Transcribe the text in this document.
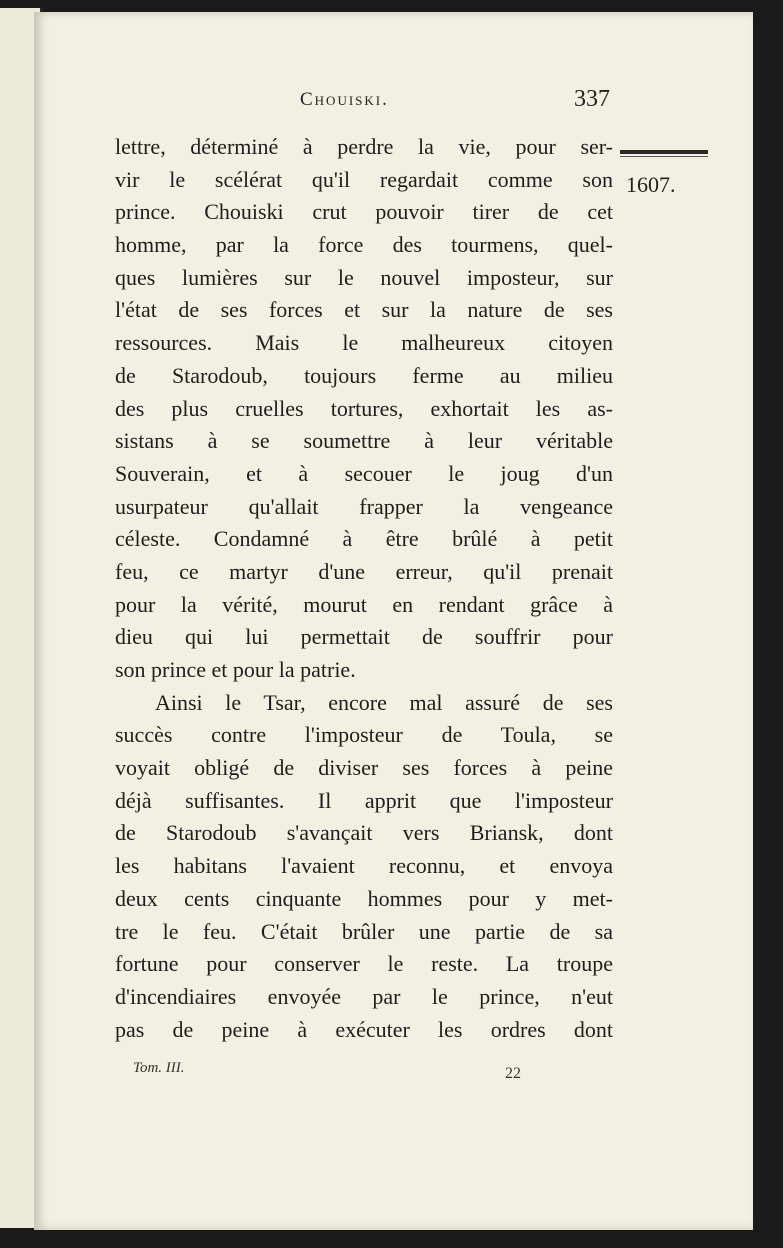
Chouiski.	337
1607.
lettre, déterminé à perdre la vie, pour ser-
vir le scélérat qu'il regardait comme son
prince. Chouiski crut pouvoir tirer de cet
homme, par la force des tourmens, quel-
ques lumières sur le nouvel imposteur, sur
l'état de ses forces et sur la nature de ses
ressources. Mais le malheureux citoyen
de Starodoub, toujours ferme au milieu
des plus cruelles tortures, exhortait les as-
sistans à se soumettre à leur véritable
Souverain, et à secouer le joug d'un
usurpateur qu'allait frapper la vengeance
céleste. Condamné à être brûlé à petit
feu, ce martyr d'une erreur, qu'il prenait
pour la vérité, mourut en rendant grâce à
dieu qui lui permettait de souffrir pour
son prince et pour la patrie.
Ainsi le Tsar, encore mal assuré de ses
succès contre l'imposteur de Toula, se
voyait obligé de diviser ses forces à peine
déjà suffisantes. Il apprit que l'imposteur
de Starodoub s'avançait vers Briansk, dont
les habitans l'avaient reconnu, et envoya
deux cents cinquante hommes pour y met-
tre le feu. C'était brûler une partie de sa
fortune pour conserver le reste. La troupe
d'incendiaires envoyée par le prince, n'eut
pas de peine à exécuter les ordres dont
Tom. III.	22
